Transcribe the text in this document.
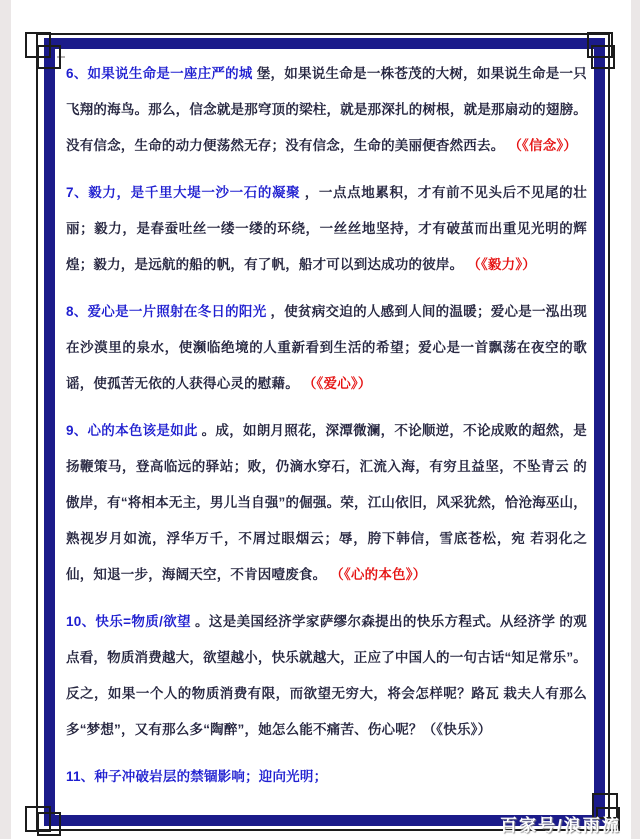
6、如果说生命是一座庄严的城 堡，如果说生命是一株苍茂的大树，如果说生命是一只飞翔的海鸟。那么，信念就是那穹顶的梁柱，就是那深扎的树根，就是那扇动的翅膀。没有信念，生命的动力便荡然无存；没有信念，生命的美丽便杳然西去。 （《信念》）

7、毅力，是千里大堤一沙一石的凝聚 ，一点点地累积，才有前不见头后不见尾的壮丽；毅力，是春蚕吐丝一缕一缕的环绕，一丝丝地坚持，才有破茧而出重见光明的辉煌；毅力，是远航的船的帆，有了帆，船才可以到达成功的彼岸。 （《毅力》）

8、爱心是一片照射在冬日的阳光 ，使贫病交迫的人感到人间的温暖；爱心是一泓出现在沙漠里的泉水，使濒临绝境的人重新看到生活的希望；爱心是一首飘荡在夜空的歌谣，使孤苦无依的人获得心灵的慰藉。 （《爱心》）

9、心的本色该是如此 。成，如朗月照花，深潭微澜，不论顺逆，不论成败的超然，是扬鞭策马，登高临远的驿站；败，仍滴水穿石，汇流入海，有穷且益坚，不坠青云 的傲岸，有“将相本无主，男儿当自强”的倔强。荣，江山依旧，风采犹然，恰沧海巫山，熟视岁月如流，浮华万千，不屑过眼烟云；辱，胯下韩信，雪底苍松，宛 若羽化之仙，知退一步，海阔天空，不肯因噎废食。 （《心的本色》）

10、快乐=物质/欲望 。这是美国经济学家萨缪尔森提出的快乐方程式。从经济学 的观点看，物质消费越大，欲望越小，快乐就越大，正应了中国人的一句古话“知足常乐”。反之，如果一个人的物质消费有限，而欲望无穷大，将会怎样呢？路瓦 栽夫人有那么多“梦想”，又有那么多“陶醉”，她怎么能不痛苦、伤心呢？（《快乐》）

11、种子冲破岩层的禁锢影响；迎向光明；

百家号/浪雨流
